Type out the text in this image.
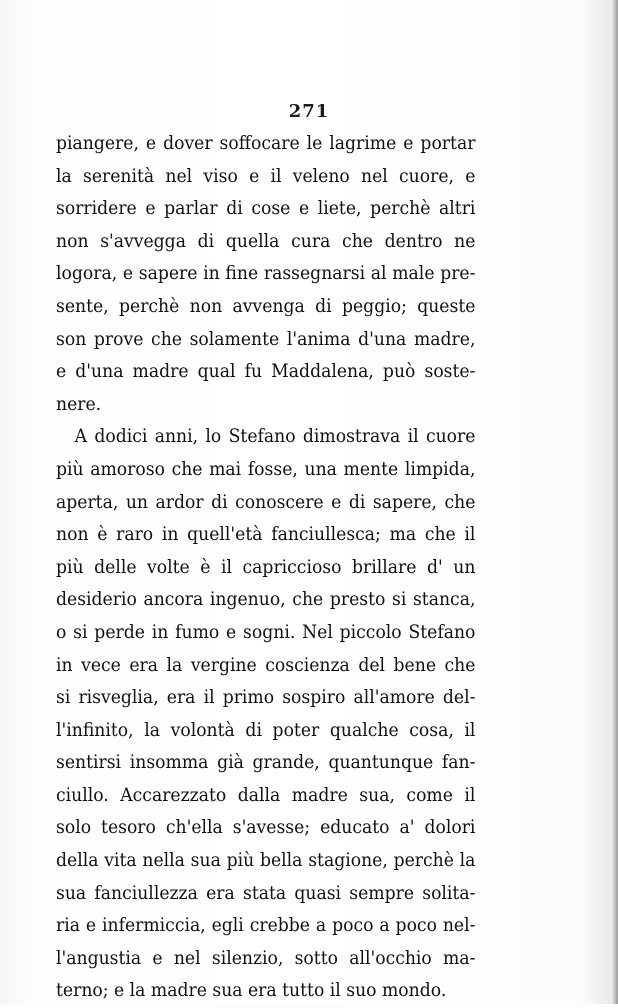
271
piangere, e dover soffocare le lagrime e portar
la serenità nel viso e il veleno nel cuore, e
sorridere e parlar di cose e liete, perchè altri
non s'avvegga di quella cura che dentro ne
logora, e sapere in fine rassegnarsi al male pre-
sente, perchè non avvenga di peggio; queste
son prove che solamente l'anima d'una madre,
e d'una madre qual fu Maddalena, può soste-
nere.
A dodici anni, lo Stefano dimostrava il cuore
più amoroso che mai fosse, una mente limpida,
aperta, un ardor di conoscere e di sapere, che
non è raro in quell'età fanciullesca; ma che il
più delle volte è il capriccioso brillare d' un
desiderio ancora ingenuo, che presto si stanca,
o si perde in fumo e sogni. Nel piccolo Stefano
in vece era la vergine coscienza del bene che
si risveglia, era il primo sospiro all'amore del-
l'infinito, la volontà di poter qualche cosa, il
sentirsi insomma già grande, quantunque fan-
ciullo. Accarezzato dalla madre sua, come il
solo tesoro ch'ella s'avesse; educato a' dolori
della vita nella sua più bella stagione, perchè la
sua fanciullezza era stata quasi sempre solita-
ria e infermiccia, egli crebbe a poco a poco nel-
l'angustia e nel silenzio, sotto all'occhio ma-
terno; e la madre sua era tutto il suo mondo.
